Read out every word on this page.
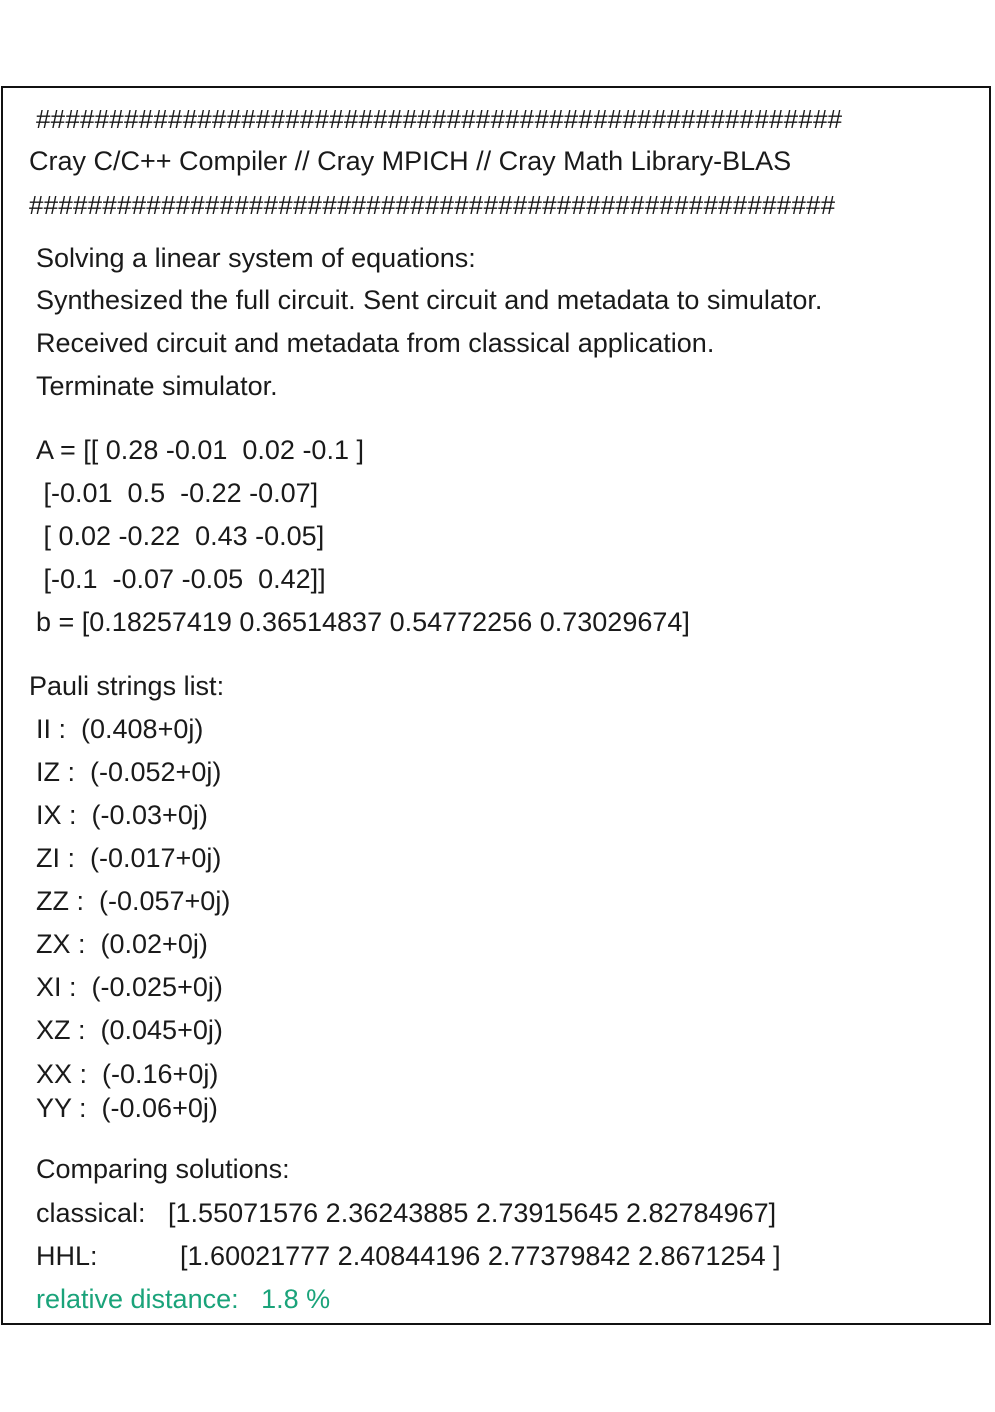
#######################################################
Cray C/C++ Compiler // Cray MPICH // Cray Math Library-BLAS
#######################################################
Solving a linear system of equations:
Synthesized the full circuit. Sent circuit and metadata to simulator.
Received circuit and metadata from classical application.
Terminate simulator.
A = [[ 0.28 -0.01  0.02 -0.1 ]
[-0.01  0.5  -0.22 -0.07]
[ 0.02 -0.22  0.43 -0.05]
[-0.1  -0.07 -0.05  0.42]]
b = [0.18257419 0.36514837 0.54772256 0.73029674]
Pauli strings list:
II :  (0.408+0j)
IZ :  (-0.052+0j)
IX :  (-0.03+0j)
ZI :  (-0.017+0j)
ZZ :  (-0.057+0j)
ZX :  (0.02+0j)
XI :  (-0.025+0j)
XZ :  (0.045+0j)
XX :  (-0.16+0j)
YY :  (-0.06+0j)
Comparing solutions:
classical:   [1.55071576 2.36243885 2.73915645 2.82784967]
HHL:           [1.60021777 2.40844196 2.77379842 2.8671254 ]
relative distance:   1.8 %
